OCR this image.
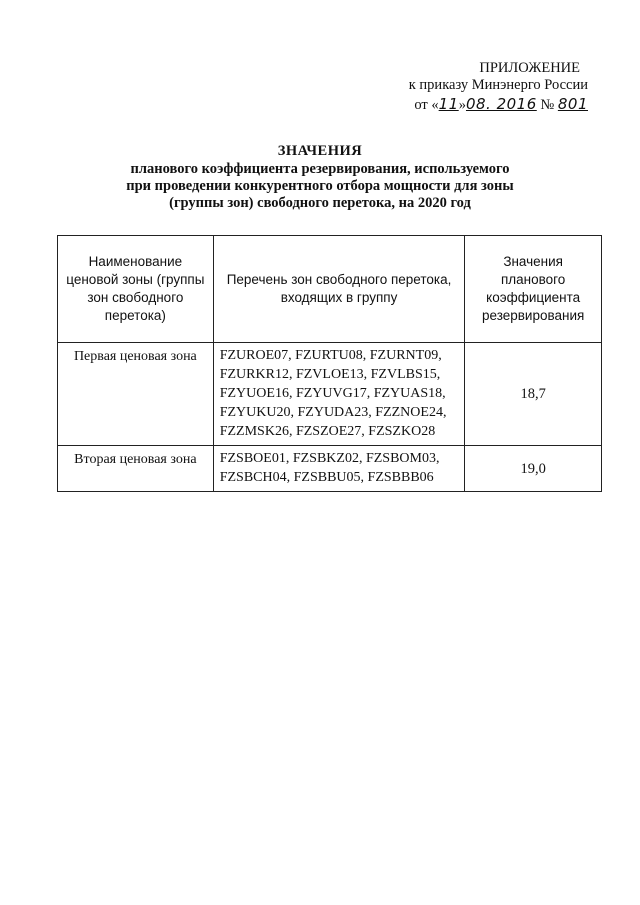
ПРИЛОЖЕНИЕ
к приказу Минэнерго России
от «11»08. 2016 № 801
ЗНАЧЕНИЯ
планового коэффициента резервирования, используемого
при проведении конкурентного отбора мощности для зоны
(группы зон) свободного перетока, на 2020 год
Наименование ценовой зоны (группы зон свободного перетока)	Перечень зон свободного перетока, входящих в группу	Значения планового коэффициента резервирования
Первая ценовая зона	FZUROE07, FZURTU08, FZURNT09, FZURKR12, FZVLOE13, FZVLBS15, FZYUOE16, FZYUVG17, FZYUAS18, FZYUKU20, FZYUDA23, FZZNOE24, FZZMSK26, FZSZOE27, FZSZKO28	18,7
Вторая ценовая зона	FZSBOE01, FZSBKZ02, FZSBOM03, FZSBCH04, FZSBBU05, FZSBBB06	19,0
